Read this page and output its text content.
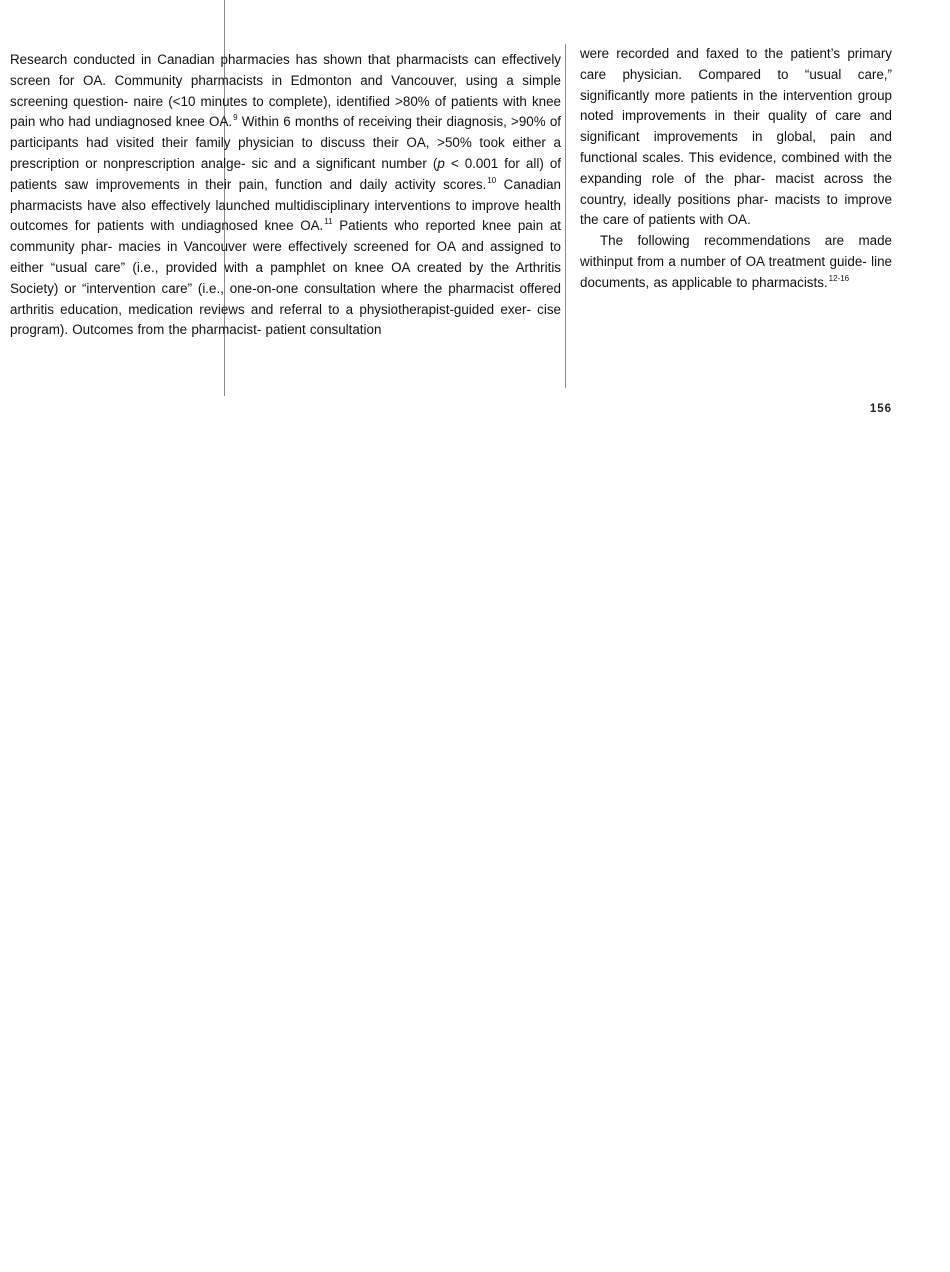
Research conducted in Canadian pharmacies has shown that pharmacists can effectively screen for OA. Community pharmacists in Edmonton and Vancouver, using a simple screening question- naire (<10 minutes to complete), identified >80% of patients with knee pain who had undiagnosed knee OA.$^9$ Within 6 months of receiving their diagnosis, >90% of participants had visited their family physician to discuss their OA, >50% took either a prescription or nonprescription analge- sic and a significant number (p < 0.001 for all) of patients saw improvements in their pain, function and daily activity scores.$^{10}$ Canadian pharmacists have also effectively launched multidisciplinary interventions to improve health outcomes for patients with undiagnosed knee OA.$^{11}$ Patients who reported knee pain at community phar- macies in Vancouver were effectively screened for OA and assigned to either “usual care” (i.e., provided with a pamphlet on knee OA created by the Arthritis Society) or “intervention care” (i.e., one-on-one consultation where the pharmacist offered arthritis education, medication reviews and referral to a physiotherapist-guided exer- cise program). Outcomes from the pharmacist- patient consultation

were recorded and faxed to the patient’s primary care physician. Compared to “usual care,” significantly more patients in the intervention group noted improvements in their quality of care and significant improvements in global, pain and functional scales. This evidence, combined with the expanding role of the phar- macist across the country, ideally positions phar- macists to improve the care of patients with OA.

The following recommendations are made withinput from a number of OA treatment guide- line documents, as applicable to pharmacists.$^{12-16}$

156
